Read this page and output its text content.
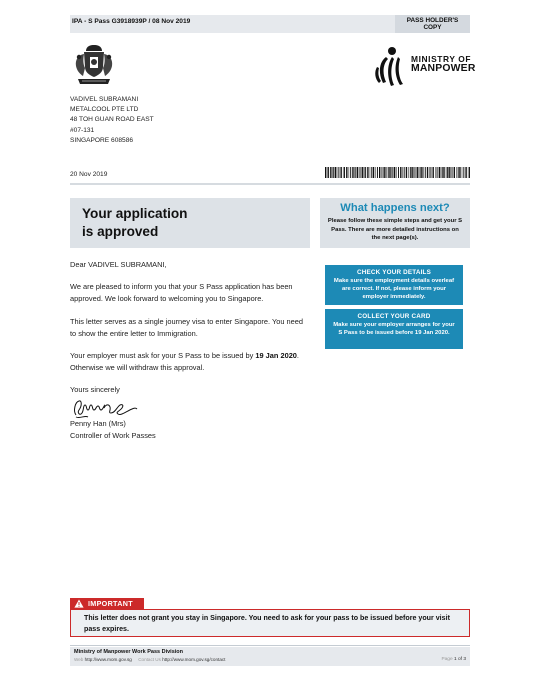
IPA - S Pass G3918939P / 08 Nov 2019	PASS HOLDER'S
COPY
MINISTRY OF
MANPOWER
VADIVEL SUBRAMANI
METALCOOL PTE LTD
48 TOH GUAN ROAD EAST
#07-131
SINGAPORE 608586
20 Nov 2019
Your application
is approved
What happens next?
Please follow these simple steps and get your S Pass. There are more detailed instructions on the next page(s).
CHECK YOUR DETAILS
Make sure the employment details overleaf are correct. If not, please inform your employer immediately.
COLLECT YOUR CARD
Make sure your employer arranges for your S Pass to be issued before 19 Jan 2020.

Dear VADIVEL SUBRAMANI,

We are pleased to inform you that your S Pass application has been approved. We look forward to welcoming you to Singapore.

This letter serves as a single journey visa to enter Singapore. You need to show the entire letter to Immigration.

Your employer must ask for your S Pass to be issued by 19 Jan 2020. Otherwise we will withdraw this approval.

Yours sincerely

Penny Han (Mrs)
Controller of Work Passes
IMPORTANT
This letter does not grant you stay in Singapore. You need to ask for your pass to be issued before your visit pass expires.
Ministry of Manpower Work Pass Division
Web http://www.mom.gov.sg Contact Us http://www.mom.gov.sg/contact	Page 1 of 3
